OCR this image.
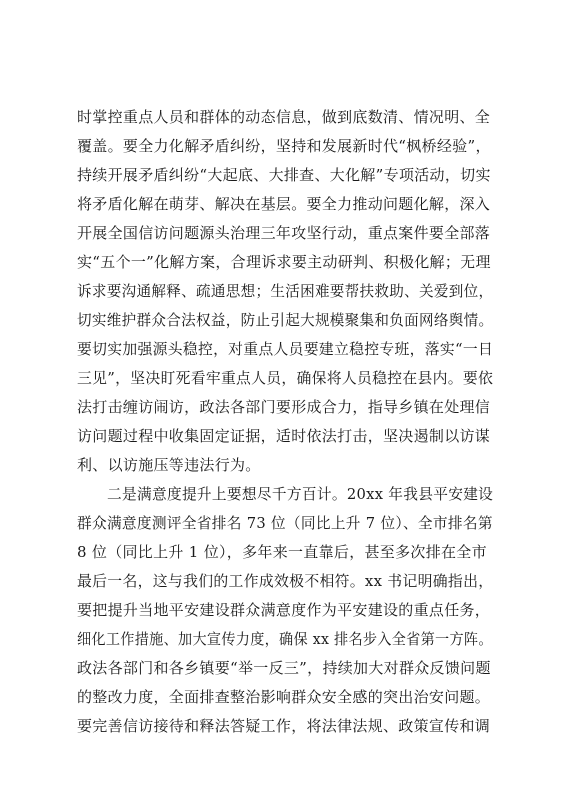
时掌控重点人员和群体的动态信息，做到底数清、情况明、全
覆盖。要全力化解矛盾纠纷，坚持和发展新时代“枫桥经验”，
持续开展矛盾纠纷“大起底、大排查、大化解”专项活动，切实
将矛盾化解在萌芽、解决在基层。要全力推动问题化解，深入
开展全国信访问题源头治理三年攻坚行动，重点案件要全部落
实“五个一”化解方案，合理诉求要主动研判、积极化解；无理
诉求要沟通解释、疏通思想；生活困难要帮扶救助、关爱到位，
切实维护群众合法权益，防止引起大规模聚集和负面网络舆情。
要切实加强源头稳控，对重点人员要建立稳控专班，落实“一日
三见”，坚决盯死看牢重点人员，确保将人员稳控在县内。要依
法打击缠访闹访，政法各部门要形成合力，指导乡镇在处理信
访问题过程中收集固定证据，适时依法打击，坚决遏制以访谋
利、以访施压等违法行为。
二是满意度提升上要想尽千方百计。20xx 年我县平安建设
群众满意度测评全省排名 73 位（同比上升 7 位）、全市排名第
8 位（同比上升 1 位），多年来一直靠后，甚至多次排在全市
最后一名，这与我们的工作成效极不相符。xx 书记明确指出，
要把提升当地平安建设群众满意度作为平安建设的重点任务，
细化工作措施、加大宣传力度，确保 xx 排名步入全省第一方阵。
政法各部门和各乡镇要“举一反三”，持续加大对群众反馈问题
的整改力度，全面排查整治影响群众安全感的突出治安问题。
要完善信访接待和释法答疑工作，将法律法规、政策宣传和调
